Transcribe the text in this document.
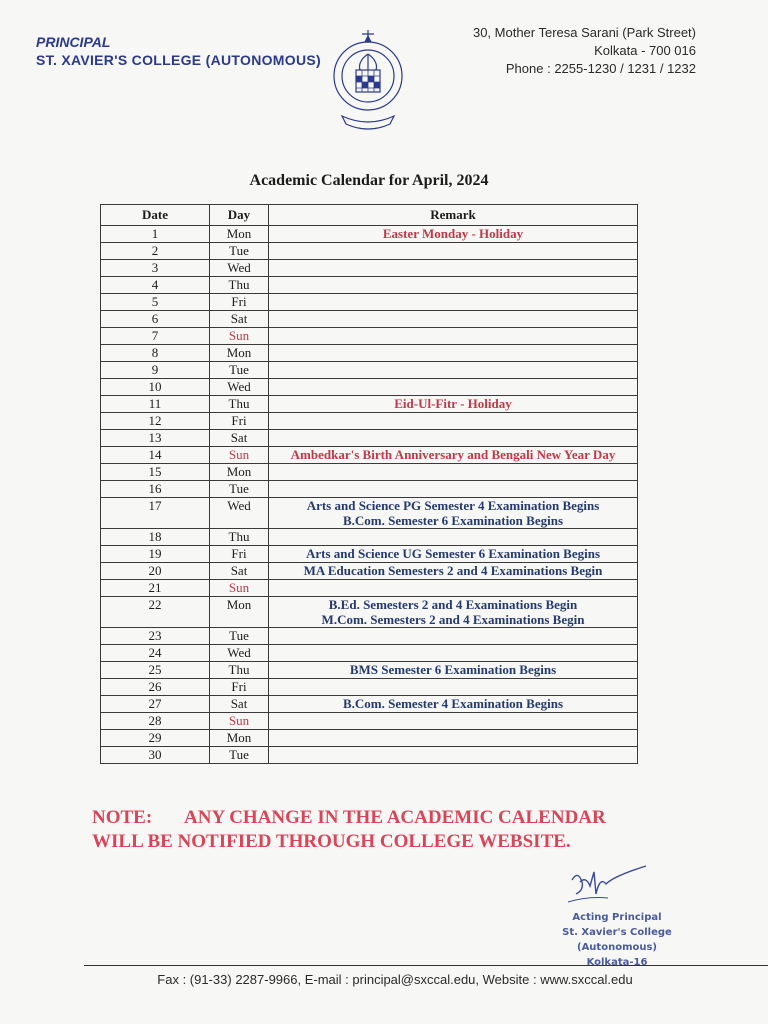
PRINCIPAL
ST. XAVIER'S COLLEGE (AUTONOMOUS)
30, Mother Teresa Sarani (Park Street)
Kolkata - 700 016
Phone : 2255-1230 / 1231 / 1232
Academic Calendar for April, 2024
Date	Day	Remark
1	Mon	Easter Monday - Holiday
2	Tue	
3	Wed	
4	Thu	
5	Fri	
6	Sat	
7	Sun	
8	Mon	
9	Tue	
10	Wed	
11	Thu	Eid-Ul-Fitr - Holiday
12	Fri	
13	Sat	
14	Sun	Ambedkar's Birth Anniversary and Bengali New Year Day
15	Mon	
16	Tue	
17	Wed	Arts and Science PG Semester 4 Examination Begins
B.Com. Semester 6 Examination Begins

18	Thu	
19	Fri	Arts and Science UG Semester 6 Examination Begins
20	Sat	MA Education Semesters 2 and 4 Examinations Begin
21	Sun	
22	Mon	B.Ed. Semesters 2 and 4 Examinations Begin
M.Com. Semesters 2 and 4 Examinations Begin

23	Tue	
24	Wed	
25	Thu	BMS Semester 6 Examination Begins
26	Fri	
27	Sat	B.Com. Semester 4 Examination Begins
28	Sun	
29	Mon	
30	Tue	
NOTE: ANY CHANGE IN THE ACADEMIC CALENDAR
WILL BE NOTIFIED THROUGH COLLEGE WEBSITE.
Acting Principal
St. Xavier's College
(Autonomous)
Kolkata-16
Fax : (91-33) 2287-9966, E-mail : principal@sxccal.edu, Website : www.sxccal.edu
